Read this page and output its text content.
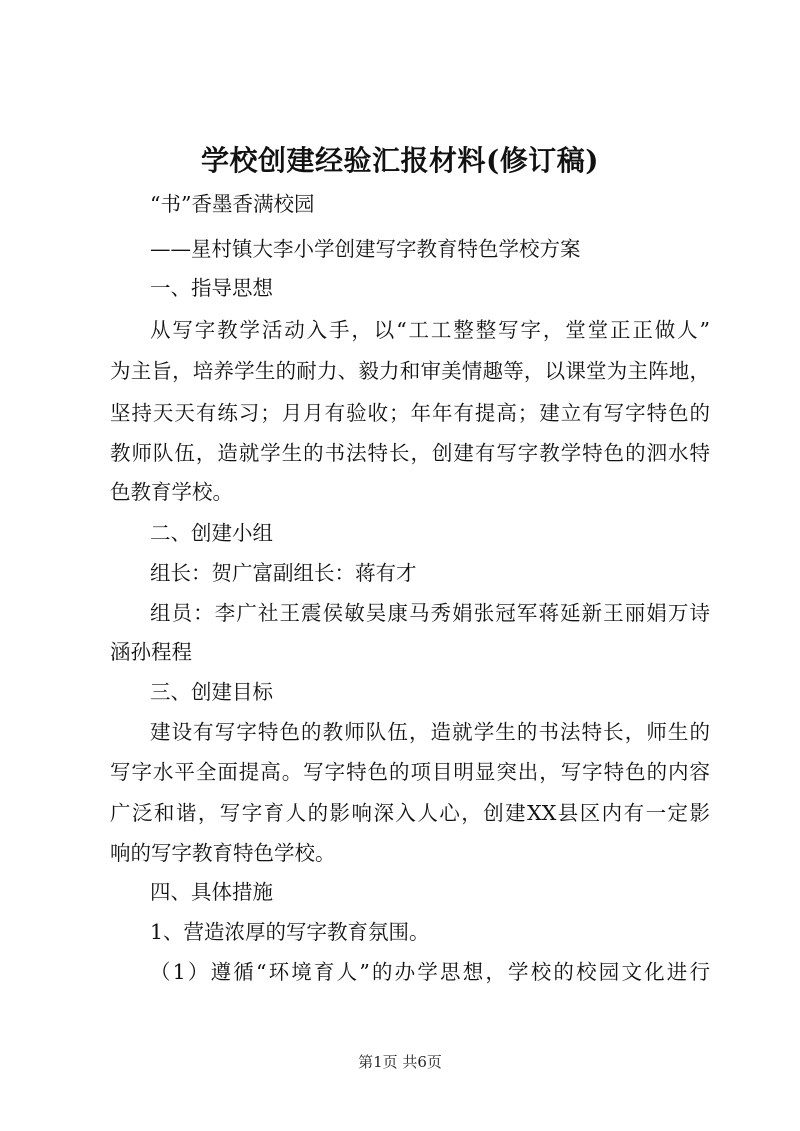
学校创建经验汇报材料(修订稿)
“书”香墨香满校园
——星村镇大李小学创建写字教育特色学校方案
一、指导思想
从写字教学活动入手，以“工工整整写字，堂堂正正做人”
为主旨，培养学生的耐力、毅力和审美情趣等，以课堂为主阵地，
坚持天天有练习；月月有验收；年年有提高；建立有写字特色的
教师队伍，造就学生的书法特长，创建有写字教学特色的泗水特
色教育学校。
二、创建小组
组长：贺广富副组长：蒋有才
组员：李广社王震侯敏吴康马秀娟张冠军蒋延新王丽娟万诗
涵孙程程
三、创建目标
建设有写字特色的教师队伍，造就学生的书法特长，师生的
写字水平全面提高。写字特色的项目明显突出，写字特色的内容
广泛和谐，写字育人的影响深入人心，创建XX县区内有一定影
响的写字教育特色学校。
四、具体措施
1、营造浓厚的写字教育氛围。
（1）遵循“环境育人”的办学思想，学校的校园文化进行
第1页 共6页
